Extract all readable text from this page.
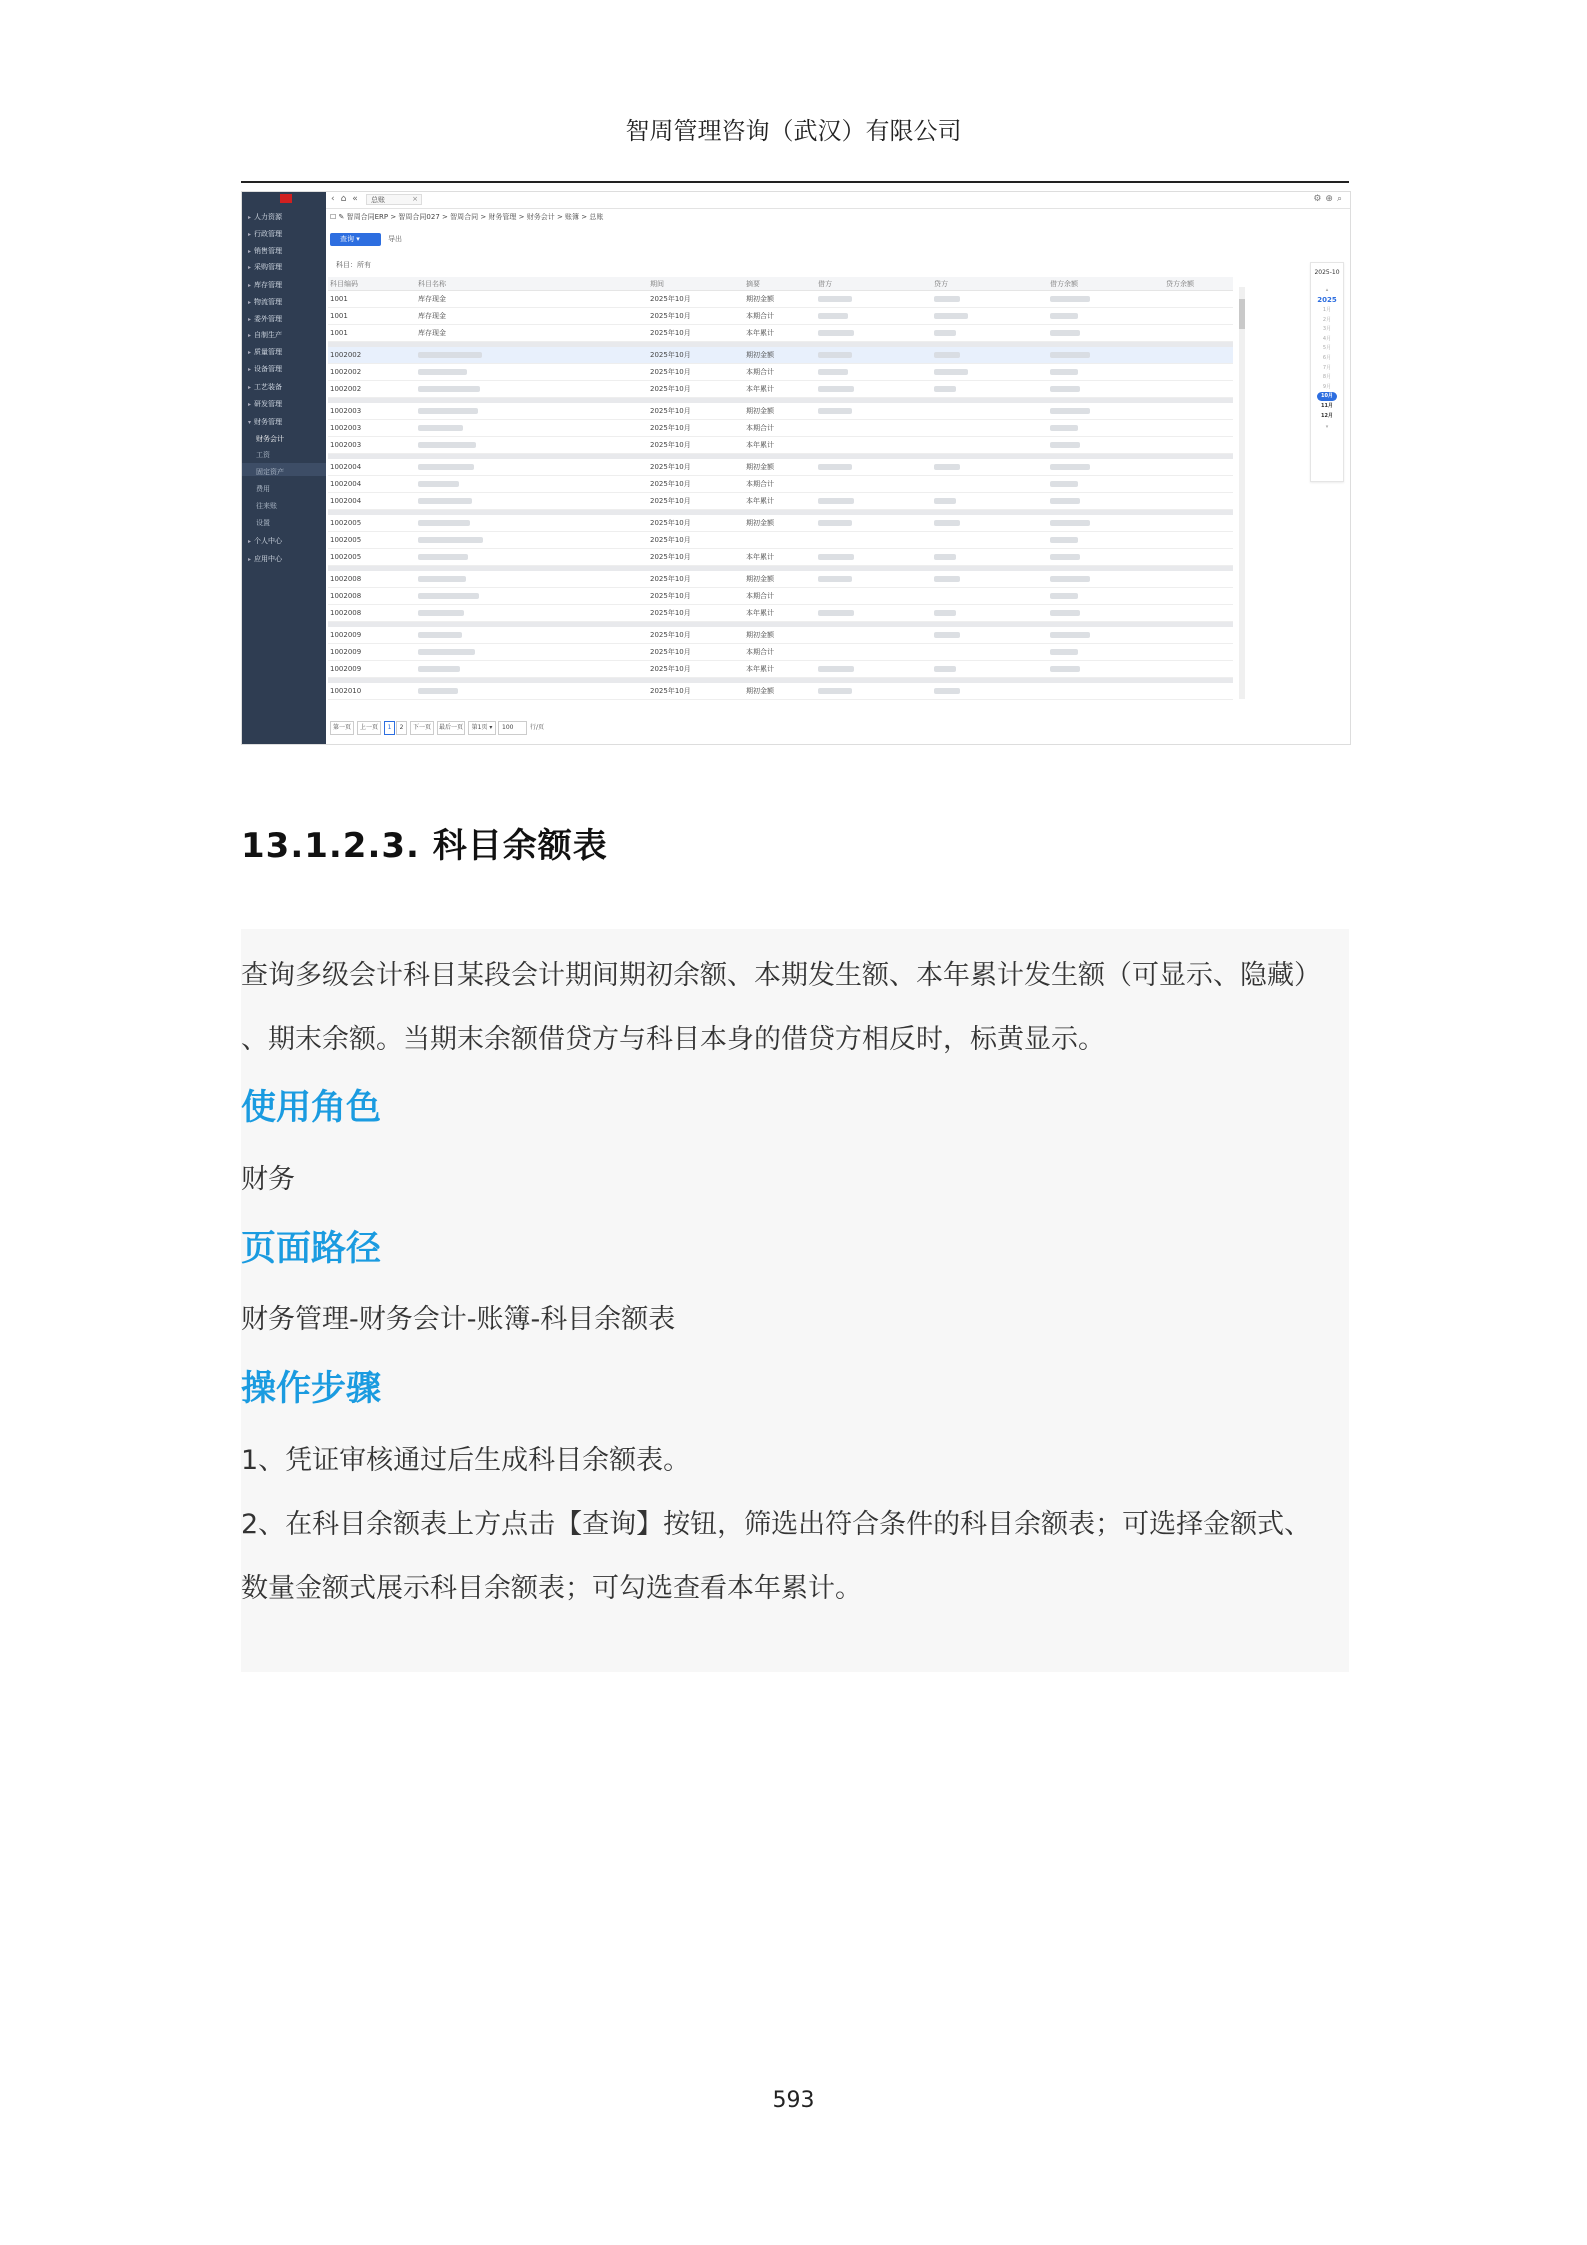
智周管理咨询（武汉）有限公司
▸ 人力资源
▸ 行政管理
▸ 销售管理
▸ 采购管理
▸ 库存管理
▸ 物流管理
▸ 委外管理
▸ 自制生产
▸ 质量管理
▸ 设备管理
▸ 工艺装备
▸ 研发管理
▾ 财务管理
财务会计
工资
固定资产
费用
往来账
设置
▸ 个人中心
▸ 应用中心
‹⌂«	总账	×	⚙⊕⌕
☐ ✎ 智周合同ERP > 智周合同027 > 智周合同 > 财务管理 > 财务会计 > 账簿 > 总账
查询 ▾	导出
科目：所有
科目编码	科目名称	期间	摘要	借方	贷方	借方余额	贷方余额
1001	库存现金	2025年10月	期初金额				
1001	库存现金	2025年10月	本期合计				
1001	库存现金	2025年10月	本年累计				

1002002		2025年10月	期初金额				
1002002		2025年10月	本期合计				
1002002		2025年10月	本年累计				

1002003		2025年10月	期初金额				
1002003		2025年10月	本期合计				
1002003		2025年10月	本年累计				

1002004		2025年10月	期初金额				
1002004		2025年10月	本期合计				
1002004		2025年10月	本年累计				

1002005		2025年10月	期初金额				
1002005		2025年10月					
1002005		2025年10月	本年累计				

1002008		2025年10月	期初金额				
1002008		2025年10月	本期合计				
1002008		2025年10月	本年累计				

1002009		2025年10月	期初金额				
1002009		2025年10月	本期合计				
1002009		2025年10月	本年累计				

1002010		2025年10月	期初金额				
2025-10
2025
▴
1月
2月
3月
4月
5月
6月
7月
8月
9月
10月
11月
12月
▾
第一页	上一页	1	2	下一页	最后一页	第1页 ▾	100	行/页
13.1.2.3. 科目余额表
查询多级会计科目某段会计期间期初余额、本期发生额、本年累计发生额（可显示、隐藏）
、期末余额。当期末余额借贷方与科目本身的借贷方相反时，标黄显示。
使用角色
财务
页面路径
财务管理-财务会计-账簿-科目余额表
操作步骤
1、凭证审核通过后生成科目余额表。
2、在科目余额表上方点击【查询】按钮，筛选出符合条件的科目余额表；可选择金额式、
数量金额式展示科目余额表；可勾选查看本年累计。
593
